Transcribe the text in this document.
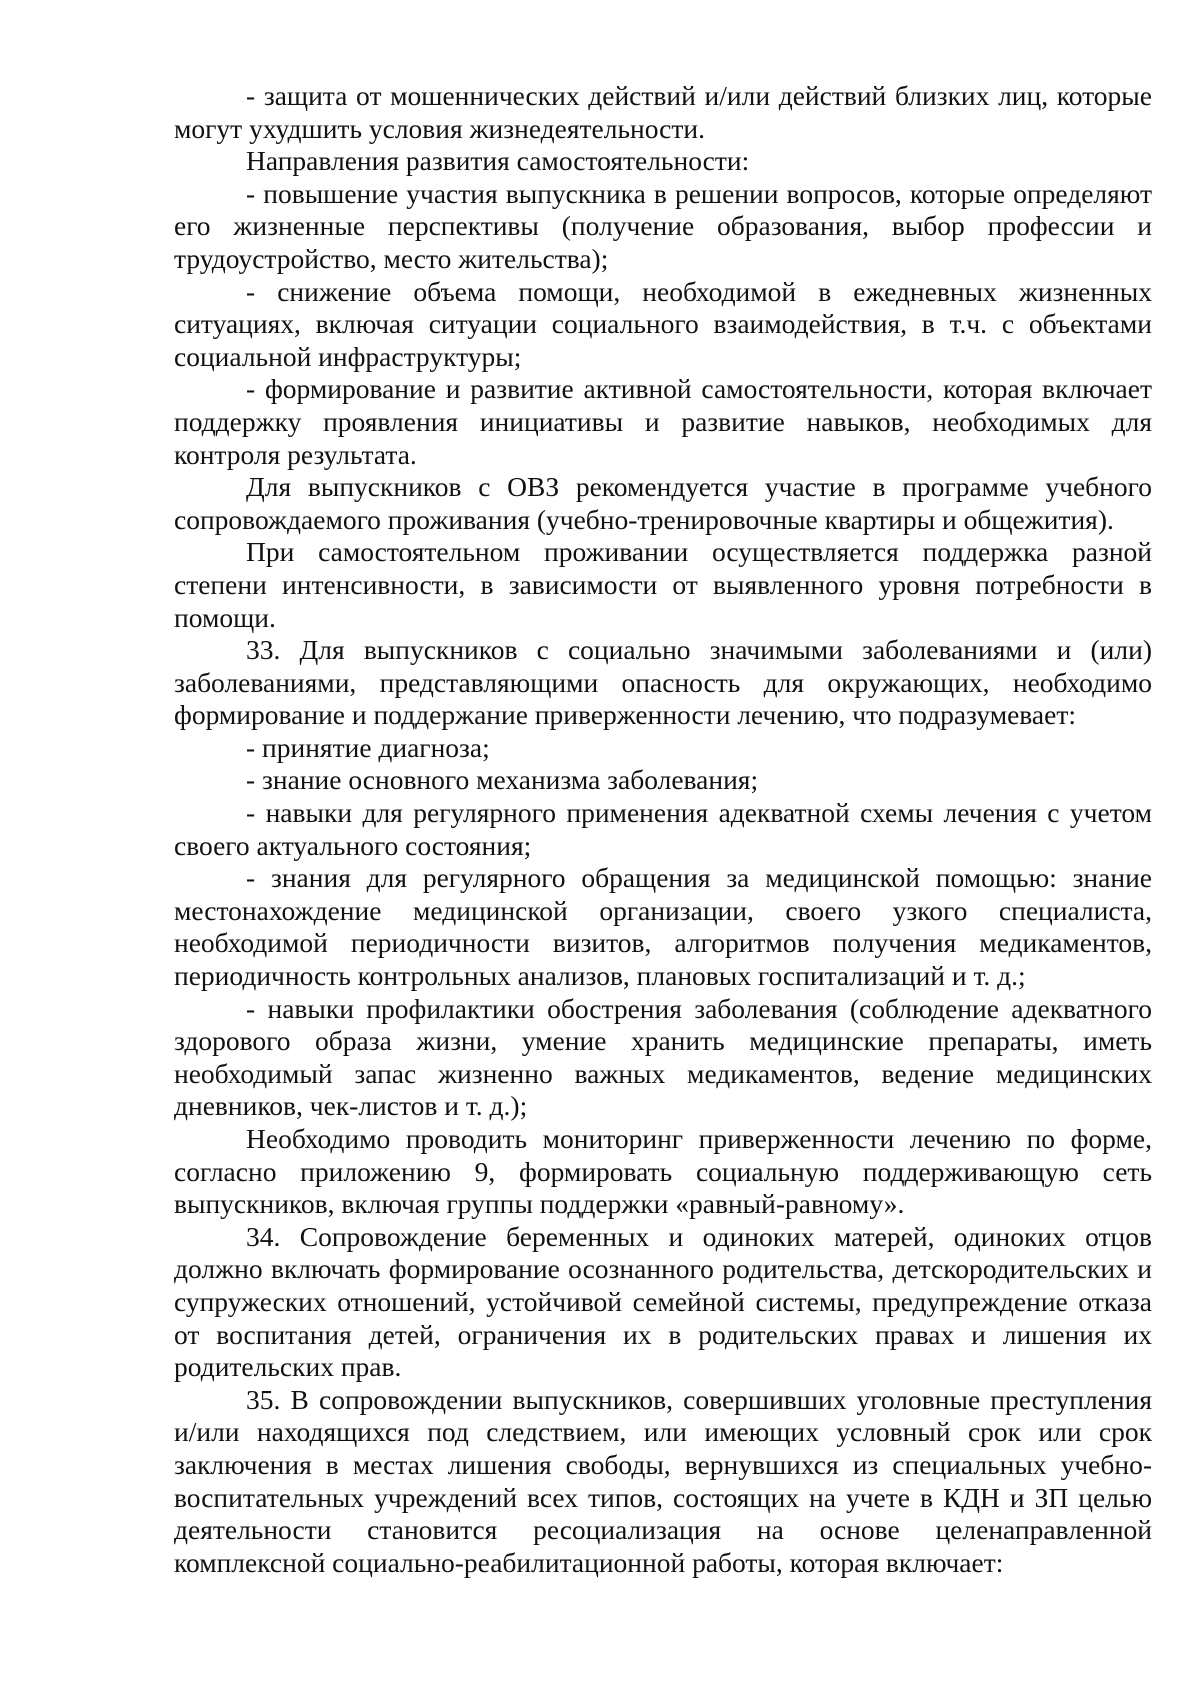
- защита от мошеннических действий и/или действий близких лиц, которые могут ухудшить условия жизнедеятельности.

Направления развития самостоятельности:

- повышение участия выпускника в решении вопросов, которые определяют его жизненные перспективы (получение образования, выбор профессии и трудоустройство, место жительства);

- снижение объема помощи, необходимой в ежедневных жизненных ситуациях, включая ситуации социального взаимодействия, в т.ч. с объектами социальной инфраструктуры;

- формирование и развитие активной самостоятельности, которая включает поддержку проявления инициативы и развитие навыков, необходимых для контроля результата.

Для выпускников с ОВЗ рекомендуется участие в программе учебного сопровождаемого проживания (учебно-тренировочные квартиры и общежития).

При самостоятельном проживании осуществляется поддержка разной степени интенсивности, в зависимости от выявленного уровня потребности в помощи.

33. Для выпускников с социально значимыми заболеваниями и (или) заболеваниями, представляющими опасность для окружающих, необходимо формирование и поддержание приверженности лечению, что подразумевает:

- принятие диагноза;

- знание основного механизма заболевания;

- навыки для регулярного применения адекватной схемы лечения с учетом своего актуального состояния;

- знания для регулярного обращения за медицинской помощью: знание местонахождение медицинской организации, своего узкого специалиста, необходимой периодичности визитов, алгоритмов получения медикаментов, периодичность контрольных анализов, плановых госпитализаций и т. д.;

- навыки профилактики обострения заболевания (соблюдение адекватного здорового образа жизни, умение хранить медицинские препараты, иметь необходимый запас жизненно важных медикаментов, ведение медицинских дневников, чек-листов и т. д.);

Необходимо проводить мониторинг приверженности лечению по форме, согласно приложению 9, формировать социальную поддерживающую сеть выпускников, включая группы поддержки «равный-равному».

34. Сопровождение беременных и одиноких матерей, одиноких отцов должно включать формирование осознанного родительства, детскородительских и супружеских отношений, устойчивой семейной системы, предупреждение отказа от воспитания детей, ограничения их в родительских правах и лишения их родительских прав.

35. В сопровождении выпускников, совершивших уголовные преступления и/или находящихся под следствием, или имеющих условный срок или срок заключения в местах лишения свободы, вернувшихся из специальных учебно-воспитательных учреждений всех типов, состоящих на учете в КДН и ЗП целью деятельности становится ресоциализация на основе целенаправленной комплексной социально-реабилитационной работы, которая включает:
